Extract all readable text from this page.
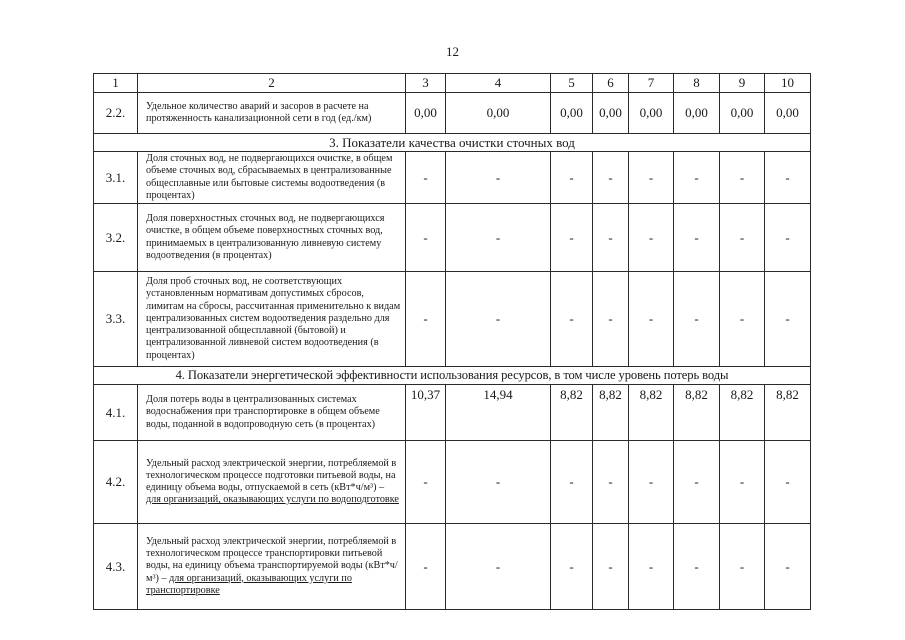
12
1	2	3	4	5	6	7	8	9	10
2.2.	Удельное количество аварий и засоров в расчете на протяженность канализационной сети в год (ед./км)	0,00	0,00	0,00	0,00	0,00	0,00	0,00	0,00
3. Показатели качества очистки сточных вод									
3.1.	Доля сточных вод, не подвергающихся очистке, в общем объеме сточных вод, сбрасываемых в централизованные общесплавные или бытовые системы водоотведения (в процентах)	-	-	-	-	-	-	-	-
3.2.	Доля поверхностных сточных вод, не подвергающихся очистке, в общем объеме поверхностных сточных вод, принимаемых в централизованную ливневую систему водоотведения (в процентах)	-	-	-	-	-	-	-	-
3.3.	Доля проб сточных вод, не соответствующих установленным нормативам допустимых сбросов, лимитам на сбросы, рассчитанная применительно к видам централизованных систем водоотведения раздельно для централизованной общесплавной (бытовой) и централизованной ливневой систем водоотведения (в процентах)	-	-	-	-	-	-	-	-
4. Показатели энергетической эффективности использования ресурсов, в том числе уровень потерь воды									
4.1.	Доля потерь воды в централизованных системах водоснабжения при транспортировке в общем объеме воды, поданной в водопроводную сеть (в процентах)	10,37	14,94	8,82	8,82	8,82	8,82	8,82	8,82
4.2.	Удельный расход электрической энергии, потребляемой в технологическом процессе подготовки питьевой воды, на единицу объема воды, отпускаемой в сеть (кВт*ч/м³) – для организаций, оказывающих услуги по водоподготовке	-	-	-	-	-	-	-	-
4.3.	Удельный расход электрической энергии, потребляемой в технологическом процессе транспортировки питьевой воды, на единицу объема транспортируемой воды (кВт*ч/м³) – для организаций, оказывающих услуги по транспортировке	-	-	-	-	-	-	-	-
